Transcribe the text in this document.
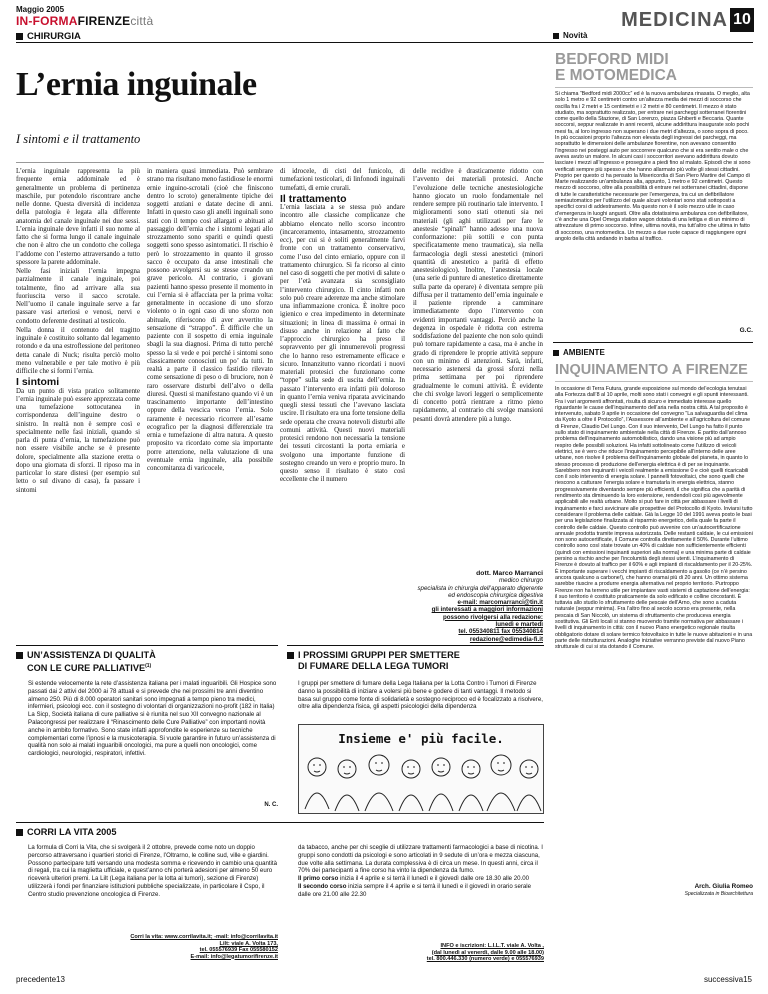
Maggio 2005
IN-FORMAFIRENZEcittà
CHIRURGIA
MEDICINA 10
Novità
L’ernia inguinale
I sintomi e il trattamento

L’ernia inguinale rappresenta la più frequente ernia addominale ed è generalmente un problema di pertinenza maschile, pur potendolo riscontrare anche nelle donne. Questa diversità di incidenza della patologia è legata alla differente anatomia del canale inguinale nei due sessi. L’ernia inguinale deve infatti il suo nome al fatto che si forma lungo il canale inguinale che non è altro che un condotto che collega l’addome con l’esterno attraversando a tutto spessore la parete addominale.

Nelle fasi iniziali l’ernia impegna parzialmente il canale inguinale, poi totalmente, fino ad arrivare alla sua fuoriuscita verso il sacco scrotale. Nell’uomo il canale inguinale serve a far passare vasi arteriosi e venosi, nervi e condotto deferente destinati al testicolo.

Nella donna il contenuto del tragitto inguinale è costituito soltanto dal legamento rotondo e da una estroflessione del peritoneo detta canale di Nuck; risulta perciò molto meno vulnerabile e per tale motivo è più difficile che si formi l’ernia.

I sintomi

Da un punto di vista pratico solitamente l’ernia inguinale può essere apprezzata come una tumefazione sottocutanea in corrispondenza dell’inguine destro o sinistro. In realtà non è sempre così e specialmente nelle fasi iniziali, quando si parla di punta d’ernia, la tumefazione può non essere visibile anche se è presente dolore, specialmente alla stazione eretta o dopo una giornata di sforzi. Il riposo ma in particolar lo stare distesi (per esempio sul letto o sul divano di casa), fa passare i sintomi

in maniera quasi immediata. Può sembrare strano ma risultano meno fastidiose le enormi ernie inguino-scrotali (cioè che finiscono dentro lo scroto) generalmente tipiche dei soggetti anziani e datate decine di anni. Infatti in questo caso gli anelli inguinali sono stati con il tempo così allargati e abituati al passaggio dell’ernia che i sintomi legati allo strozzamento sono spariti e quindi questi soggetti sono spesso asintomatici. Il rischio è però lo strozzamento in quanto il grosso sacco è occupato da anse intestinali che possono avvolgersi su se stesse creando un grave pericolo. Al contrario, i giovani pazienti hanno spesso presente il momento in cui l’ernia si è affacciata per la prima volta: generalmente in occasione di uno sforzo violento o in ogni caso di uno sforzo non abituale, riferiscono di aver avvertito la sensazione di “strappo”. È difficile che un paziente con il sospetto di ernia inguinale sbagli la sua diagnosi. Prima di tutto perché spesso la si vede e poi perché i sintomi sono classicamente conosciuti un po’ da tutti. In realtà a parte il classico fastidio rilevato come sensazione di peso o di bruciore, non è raro osservare disturbi dell’alvo o della diuresi. Questi si manifestano quando vi è un trascinamento importante dell’intestino oppure della vescica verso l’ernia. Solo raramente è necessario ricorrere all’esame ecografico per la diagnosi differenziale tra ernia e tumefazione di altra natura. A questo proposito va ricordato come sia importante porre attenzione, nella valutazione di una eventuale ernia inguinale, alla possibile concomitanza di varicocele,

di idrocele, di cisti del funicolo, di tumefazioni testicolari, di linfonodi inguinali tumefatti, di ernie crurali.

Il trattamento

L’ernia lasciata a se stessa può andare incontro alle classiche complicanze che abbiamo elencato nello scorso incontro (incarceramento, intasamento, strozzamento ecc), per cui si è soliti generalmente farvi fronte con un trattamento conservativo, come l’uso del cinto erniario, oppure con il trattamento chirurgico. Si fa ricorso al cinto nel caso di soggetti che per motivi di salute o per l’età avanzata sia sconsigliato l’intervento chirurgico. Il cinto infatti non solo può creare aderenze ma anche stimolare una infiammazione cronica. È inoltre poco igienico e crea impedimento in determinate situazioni; in linea di massima è ormai in disuso anche in relazione al fatto che l’approccio chirurgico ha preso il sopravvento per gli innumerevoli progressi che lo hanno reso estremamente efficace e sicuro. Innanzitutto vanno ricordati i nuovi materiali protesici che funzionano come “toppe” sulla sede di uscita dell’ernia. In passato l’intervento era infatti più doloroso in quanto l’ernia veniva riparata avvicinando quegli stessi tessuti che l’avevano lasciata uscire. Il risultato era una forte tensione della sede operata che creava notevoli disturbi alle comuni attività. Questi nuovi materiali protesici rendono non necessaria la tensione dei tessuti circostanti la porta erniaria e svolgono una importante funzione di sostegno creando un vero e proprio muro. In questo senso il risultato è stato così eccellente che il numero

delle recidive è drasticamente ridotto con l’avvento dei materiali protesici. Anche l’evoluzione delle tecniche anestesiologiche hanno giocato un ruolo fondamentale nel rendere sempre più routinario tale intervento. I miglioramenti sono stati ottenuti sia nei materiali (gli aghi utilizzati per fare le anestesie “spinali” hanno adesso una nuova conformazione: più sottili e con punta specificatamente meno traumatica), sia nella farmacologia degli stessi anestetici (minori quantità di anestetico a parità di effetto anestesiologico). Inoltre, l’anestesia locale (una serie di punture di anestetico direttamente sulla parte da operare) è diventata sempre più diffusa per il trattamento dell’ernia inguinale e il paziente riprende a camminare immediatamente dopo l’intervento con evidenti importanti vantaggi. Perciò anche la degenza in ospedale è ridotta con estrema soddisfazione del paziente che non solo quindi può tornare rapidamente a casa, ma è anche in grado di riprendere le proprie attività seppure con un minimo di attenzioni. Sarà, infatti, necessario astenersi da grossi sforzi nella prima settimana per poi riprendere gradualmente le comuni attività. È evidente che chi svolge lavori leggeri o semplicemente di concetto potrà rientrare a ritmo pieno rapidamente, al contrario chi svolge mansioni pesanti dovrà attendere più a lungo.
dott. Marco Marranci
medico chirurgo
specialista in chirurgia dell’apparato digerente
ed endoscopia chirurgica digestiva
e-mail: marcomarranci@tin.it
gli interessati a maggiori informazioni
possono rivolgersi alla redazione:
lunedì e martedì
tel. 055340811 fax 055340814
redazione@edimedia-fi.it
BEDFORD MIDI
E MOTOMEDICA
Si chiama “Bedford midi 2000cc” ed è la nuova ambulanza rinasata. O meglio, alta solo 1 metro e 92 centimetri contro un’altezza media dei mezzi di soccorso che oscilla fra i 2 metri e 15 centimetri e i 2 metri e 80 centimetri. Il mezzo è stato studiato, ma soprattutto realizzato, per entrare nei parcheggi sotterranei fiorentini come quello della Stazione, di San Lorenzo, piazza Ghiberti e Beccaria. Quante soccorsi, seppur realizzate in anni recenti, alcune addirittura inaugurate solo pochi mesi fa, al loro ingresso non superano i due metri d’altezza, o sono sopra di poco. In più occasioni proprio l’altezza non elevata degli ingressi dei parcheggi, ma soprattutto le dimensioni delle ambulanze fiorentine, non avevano consentito l’ingresso nei posteggi auto per soccorrere qualcuno che si era sentito male o che aveva avuto un malore. In alcuni casi i soccorritori avevano addirittura dovuto lasciare i mezzi all’ingresso e proseguire a piedi fino al malato. Episodi che si sono verificati sempre più spesso e che hanno allarmato più volte gli stessi cittadini. Proprio per questo ci ha pensato la Misericordia di San Piero Martire del Campo di Marte realizzando un’ambulanza alta, appunto, 1 metro e 92 centimetri. Questo mezzo di soccorso, oltre alla possibilità di entrare nei sotterranei cittadini, dispone di tutte le caratteristiche necessarie per l’emergenza, tra cui un defibrillatore semiautomatico per l’utilizzo del quale alcuni volontari sono stati sottoposti a specifici corsi di addestramento. Ma questo non è il solo mezzo utile in caso d’emergenza in luoghi angusti. Oltre alla dotatissima ambulanza con defibrillatore, c’è anche una Opel Omega station wagon dotata di una lettiga e di un minimo di attrezzature di primo soccorso. Infine, ultima novità, ma tutt’altro che ultima in fatto di soccorso, una motomedica. Un mezzo a due ruote capace di raggiungere ogni angolo della città andando in barba al traffico.
G.C.
AMBIENTE
INQUINAMENTO A FIRENZE
In occasione di Terra Futura, grande esposizione sul mondo del’ecologia tenutasi alla Fortezza dall’8 al 10 aprile, molti sono stati i convegni e gli spunti interessanti. Fra i vari argomenti affrontati, risulta di sicuro e immediato interesse quello riguardante le cause dell’inquinamento dell’aria nella nostra città. A tal proposito è intervenuto, sabato 9 aprile in occasione del convegno “La salvaguardia del clima da Kyoto a oltre il Protocollo”, l’Assessore all’ambiente e all’agricoltura del comune di Firenze, Claudio Del Lungo. Con il suo intervento, Del Lungo ha fatto il punto sullo stato di inquinamento ambientale nella città di Firenze. È partito dall’annoso problema dell’inquinamento automobilistico, dando una visione più ad ampio respiro delle possibili soluzioni. Ha infatti sottolineato come l’utilizzo di veicoli elettrici, se è vero che riduce l’inquinamento percepibile all’interno delle aree urbane, non risolve il problema dell’inquinamento globale del pianeta, in quanto lo stesso processo di produzione dell’energia elettrica è di per se inquinante. Sarebbero non inquinanti i veicoli realmente a emissione 0 e cioè quelli ricaricabili con il solo intervento di energia solare. I pannelli fotovoltaici, che sono quelli che riescono a catturare l’energia solare e tramutarla in energia elettrica, stanno progressivamente diventando sempre più efficienti, il che significa che a parità di rendimento sta diminuendo la loro estensione, rendendoli così più agevolmente applicabili alle realtà urbane. Molto si può fare in città per abbassare i livelli di inquinamento e farci avvicinare alle prospettive del Protocollo di Kyoto. Inviarsi tutto considerare il problema delle caldaie. Già la Legge 10 del 1991 aveva posto le basi per una legislazione finalizzata al risparmio energetico, della quale fa parte il controllo delle caldaie. Questo controllo può avvenire con un’autocertificazione annuale prodotta tramite impresa autorizzata. Delle restanti caldaie, le cui emissioni non sono autocertificate, il Comune controlla direttamente il 50%. Durante l’ultimo controllo sono così state trovate un 40% di caldaie non sufficientemente efficienti (quindi con emissioni inquinanti superiori alla norma) e una minima parte di caldaie persino a rischio anche per l’incolumità degli stessi utenti. L’inquinamento di Firenze è dovuto al traffico per il 60% e agli impianti di riscaldamento per il 20-25%. È importante superare i vecchi impianti di riscaldamento a gasolio (ce n’è persino ancora qualcuno a carbone!), che hanno oramai più di 20 anni. Un ottimo sistema sarebbe riuscire a produrre energia alternativa nel proprio territorio. Purtroppo Firenze non ha terreno utile per impiantare vasti sistemi di captazione dell’energia: il suo territorio è costituito praticamente da solo edificato e colline circostanti. È tuttavia allo studio lo sfruttamento delle pescaie dell’Arno, che sono a caduta naturale (seppur minima). Fra l’altro fino al secolo scorso era presente, nella pescaia di San Niccolò, un sistema di sfruttamento che produceva energia sostitutiva. Gli Enti locali si stanno muovendo tramite normativa per abbassare i livelli di inquinamento in città: con il nuovo Piano energetico regionale risulta obbligatorio dotare di solare termico fotovoltaico in tutte le nuove abitazioni e in una parte delle ristrutturazioni. Analoghe iniziative verranno previste dal nuovo Piano strutturale di cui si sta dotando il Comune.
Arch. Giulia Romeo
Specializzata in Bioarchitettura
UN’ASSISTENZA DI QUALITÀ
CON LE CURE PALLIATIVE$^{(1)}$
Si estende velocemente la rete d’assistenza italiana per i malati inguaribili. Gli Hospice sono passati dai 2 attivi del 2000 ai 78 attuali e si prevede che nei prossimi tre anni diventino almeno 250. Più di 8.000 operatori sanitari sono impegnati a tempo pieno tra medici, infermieri, psicologi ecc. con il sostegno di volontari di organizzazioni no-profit (182 in Italia) La Sicp, Società italiana di cure palliative si è riunita nel suo XII convegno nazionale al Palacongressi per realizzare il “Rinascimento delle Cure Palliative” con importanti novità anche in ambito formativo. Sono state infatti approfondite le esperienze su tecniche complementari come l’ipnosi e la musicoterapia. Si vuole garantire in futuro un’assistenza di qualità non solo ai malati inguaribili oncologici, ma pure a quelli non oncologici, come cardiologici, neurologici, respiratori, infettivi.
N. C.
I PROSSIMI GRUPPI PER SMETTERE
DI FUMARE DELLA LEGA TUMORI
I gruppi per smettere di fumare della Lega Italiana per la Lotta Contro i Tumori di Firenze danno la possibilità di iniziare a volersi più bene e godere di tanti vantaggi. Il metodo si basa sul gruppo come fonte di solidarietà e sostegno reciproco ed è focalizzato a risolvere, oltre alla dipendenza fisica, gli aspetti psicologici della dipendenza
Insieme e' più facile.
CORRI LA VITA 2005
La formula di Corri la Vita, che si svolgerà il 2 ottobre, prevede come noto un doppio percorso attraversano i quartieri storici di Firenze, l’Oltrarno, le colline sud, ville e giardini. Possono partecipare tutti versando una modesta somma e ricevendo in cambio una quantità di regali, tra cui la maglietta ufficiale, e quest’anno chi porterà adesioni per almeno 50 euro riceverà ulteriori premi. La Lilt (Lega italiana per la lotta ai tumori), sezione di Firenze) utilizzerà i fondi per finanziare istituzioni pubbliche specializzate, in particolare il Cspo, il Centro studio prevenzione oncologica di Firenze.
Corri la vita: www.corrilavita.it; -mail: info@corrilavita.it
Lilt: viale A. Volta 173,
tel. 055576939 Fax 055580152
E-mail: info@legatumorifirenze.it
da tabacco, anche per chi sceglie di utilizzare trattamenti farmacologici a base di nicotina. I gruppi sono condotti da psicologi e sono articolati in 9 sedute di un’ora e mezza ciascuna, due volte alla settimana. La durata complessiva è di circa un mese. In questi anni, circa il 70% dei partecipanti a fine corso ha vinto la dipendenza da fumo.
Il primo corso inizia il 4 aprile e si terrà il lunedì e il giovedì dalle ore 18.30 alle 20.00
Il secondo corso inizia sempre il 4 aprile e si terrà il lunedì e il giovedì in orario serale dalle ore 21.00 alle 22.30
INFO e iscrizioni: L.I.L.T. viale A. Volta ,
(dal lunedì al venerdì, dalle 9.00 alle 18.00)
tel. 800.446.330 (numero verde) e 055576939
precedente13	successiva15
